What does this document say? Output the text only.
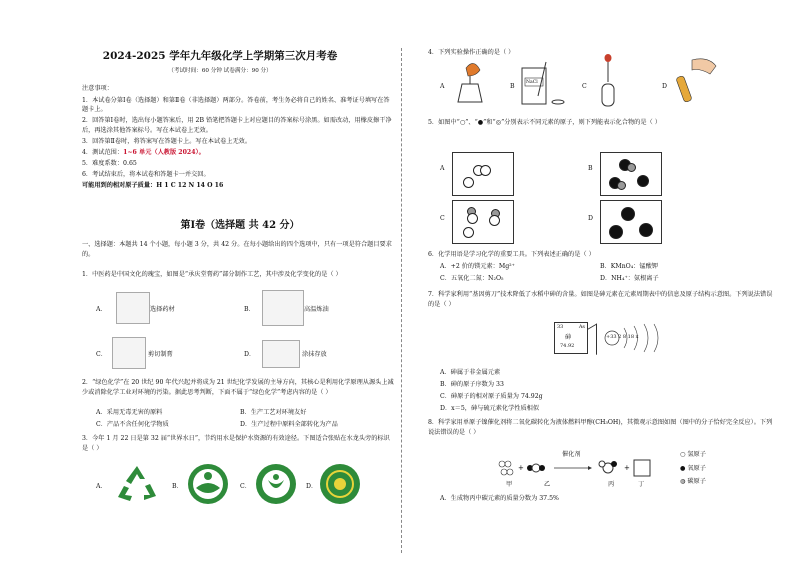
2024-2025 学年九年级化学上学期第三次月考卷
（考试时间：60 分钟 试卷满分：90 分）
注意事项：

1．本试卷分第Ⅰ卷（选择题）和第Ⅱ卷（非选择题）两部分。答卷前，考生务必将自己的姓名、准考证号填写在答题卡上。

2．回答第Ⅰ卷时，选出每小题答案后，用 2B 铅笔把答题卡上对应题目的答案标号涂黑。如需改动，用橡皮擦干净后，再选涂其他答案标号。写在本试卷上无效。

3．回答第Ⅱ卷时，将答案写在答题卡上。写在本试卷上无效。

4．测试范围：1~6 单元（人教版 2024）。

5．难度系数：0.65

6．考试结束后，将本试卷和答题卡一并交回。

可能用到的相对原子质量：H 1 C 12 N 14 O 16

第Ⅰ卷（选择题 共 42 分）

一、选择题：本题共 14 个小题，每小题 3 分，共 42 分。在每小题给出的四个选项中，只有一项是符合题目要求的。

1．中医药是中国文化的瑰宝，如图是“承庆堂膏药”部分制作工艺，其中涉及化学变化的是（ ）

A．	选择药材	B．	高温炼油
C．	剪切制膏	D．	涂抹存放

2．“绿色化学”在 20 世纪 90 年代兴起并将成为 21 世纪化学发展的主导方向，其核心是利用化学原理从源头上减少或消除化学工业对环境的污染。据此思考判断，下面不属于“绿色化学”考虑内容的是（ ）

A．采用无毒无害的原料	B．生产工艺对环境友好
C．产品不含任何化学物质	D．生产过程中原料全部转化为产品

3．今年 1 月 22 日是第 32 届“世界水日”，节约用水是保护水资源的有效途径。下图适合张贴在水龙头旁的标识是（ ）

A．	B．	C．	D．

4．下列实验操作正确的是（ ）

A	B
NaCl
C	D

5．如图中“○”、“●”和“◎”分别表示不同元素的原子，则下列能表示化合物的是（ ）

A	B
C	D

6．化学用语是学习化学的重要工具。下列表述正确的是（ ）

A．+2 价的镁元素：Mg²⁺	B．KMnO₄：锰酸钾
C．五氧化二氮：N₂O₅	D．NH₄⁺：氨根离子

7．科学家利用“基因剪刀”技术降低了水稻中砷的含量。如图是砷元素在元素周期表中的信息及原子结构示意图。下列说法错误的是（ ）

33	As
砷
74.92
+33 2 8 18 x
A．砷属于非金属元素
B．砷的原子序数为 33
C．砷原子的相对原子质量为 74.92g
D．x＝5，砷与硫元素化学性质相似

8．科学家用单原子镍催化剂将二氧化碳转化为液体燃料甲醇(CH₃OH)，其微观示意图如图（图中的分子恰好完全反应）。下列说法错误的是（ ）

+	+
催化剂
甲	乙	丙	丁
○ 氢原子
● 氧原子
◍ 碳原子
A．生成物丙中碳元素的质量分数为 37.5%
